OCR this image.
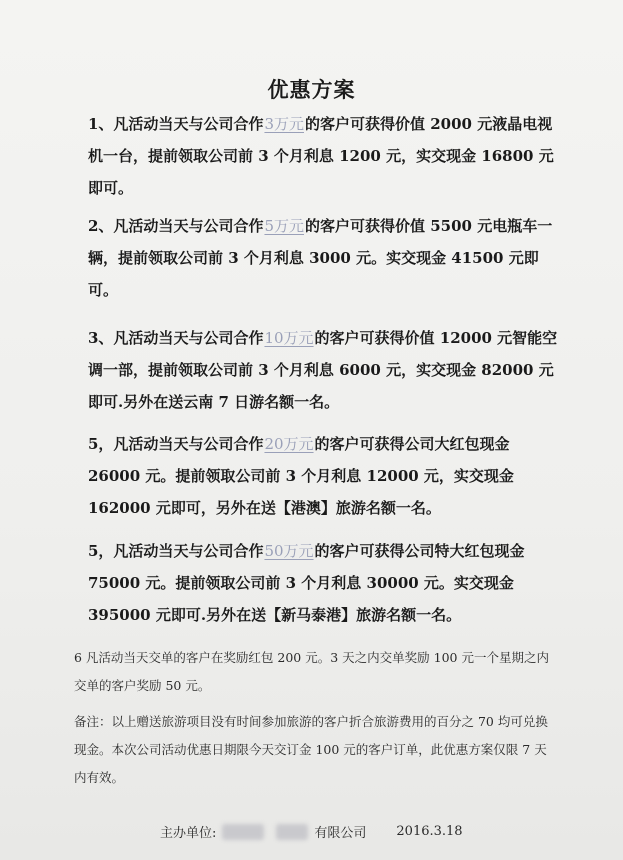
优惠方案
1、凡活动当天与公司合作3万元的客户可获得价值 2000 元液晶电视机一台，提前领取公司前 3 个月利息 1200 元，实交现金 16800 元即可。
2、凡活动当天与公司合作5万元的客户可获得价值 5500 元电瓶车一辆，提前领取公司前 3 个月利息 3000 元。实交现金 41500 元即可。
3、凡活动当天与公司合作10万元的客户可获得价值 12000 元智能空调一部，提前领取公司前 3 个月利息 6000 元，实交现金 82000 元即可.另外在送云南 7 日游名额一名。
5，凡活动当天与公司合作20万元的客户可获得公司大红包现金 26000 元。提前领取公司前 3 个月利息 12000 元，实交现金 162000 元即可，另外在送【港澳】旅游名额一名。
5，凡活动当天与公司合作50万元的客户可获得公司特大红包现金 75000 元。提前领取公司前 3 个月利息 30000 元。实交现金 395000 元即可.另外在送【新马泰港】旅游名额一名。
6 凡活动当天交单的客户在奖励红包 200 元。3 天之内交单奖励 100 元一个星期之内交单的客户奖励 50 元。
备注：以上赠送旅游项目没有时间参加旅游的客户折合旅游费用的百分之 70 均可兑换现金。本次公司活动优惠日期限今天交订金 100 元的客户订单，此优惠方案仅限 7 天内有效。
主办单位:	有限公司 2016.3.18
